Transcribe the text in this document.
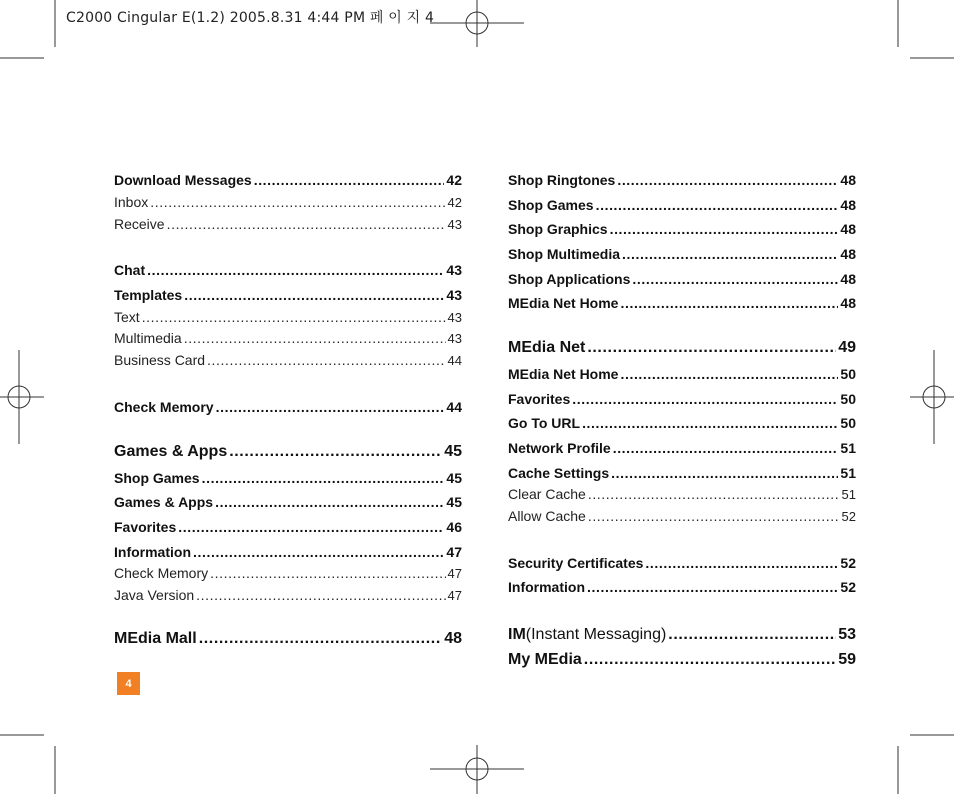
C2000 Cingular E(1.2) 2005.8.31 4:44 PM 페 이 지 4
Download Messages .....	42
Inbox .....	42
Receive .....	43
Chat .....	43
Templates .....	43
Text .....	43
Multimedia .....	43
Business Card .....	44
Check Memory .....	44
Games & Apps .....	45
Shop Games .....	45
Games & Apps .....	45
Favorites .....	46
Information .....	47
Check Memory .....	47
Java Version .....	47
MEdia Mall .....	48
Shop Ringtones .....	48
Shop Games .....	48
Shop Graphics .....	48
Shop Multimedia .....	48
Shop Applications .....	48
MEdia Net Home .....	48
MEdia Net .....	49
MEdia Net Home .....	50
Favorites .....	50
Go To URL .....	50
Network Profile .....	51
Cache Settings .....	51
Clear Cache .....	51
Allow Cache .....	52
Security Certificates .....	52
Information .....	52
IM (Instant Messaging) .....	53
My MEdia .....	59
4
